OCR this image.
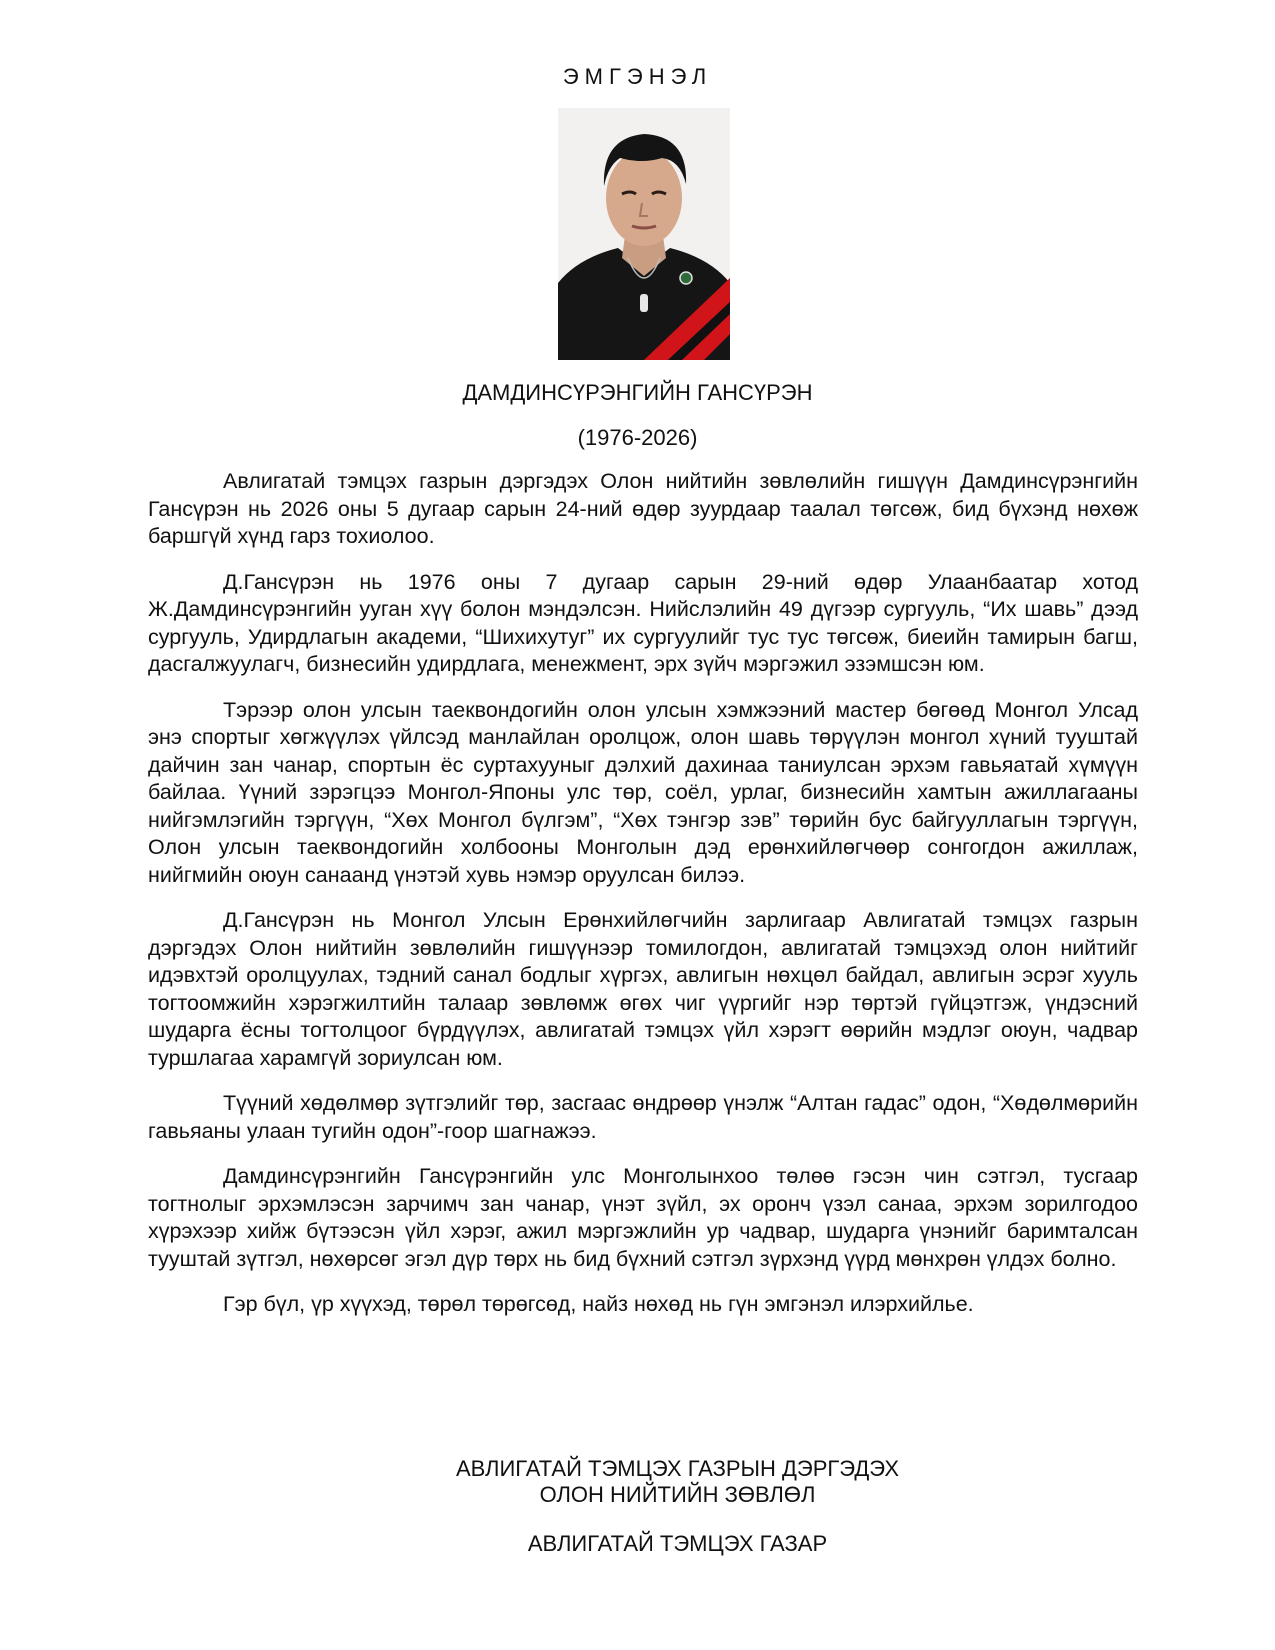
ЭМГЭНЭЛ
ДАМДИНСҮРЭНГИЙН ГАНСҮРЭН
(1976-2026)

Авлигатай тэмцэх газрын дэргэдэх Олон нийтийн зөвлөлийн гишүүн Дамдинсүрэнгийн Гансүрэн нь 2026 оны 5 дугаар сарын 24-ний өдөр зуурдаар таалал төгсөж, бид бүхэнд нөхөж баршгүй хүнд гарз тохиолоо.

Д.Гансүрэн нь 1976 оны 7 дугаар сарын 29-ний өдөр Улаанбаатар хотод Ж.Дамдинсүрэнгийн ууган хүү болон мэндэлсэн. Нийслэлийн 49 дүгээр сургууль, “Их шавь” дээд сургууль, Удирдлагын академи, “Шихихутуг” их сургуулийг тус тус төгсөж, биеийн тамирын багш, дасгалжуулагч, бизнесийн удирдлага, менежмент, эрх зүйч мэргэжил эзэмшсэн юм.

Тэрээр олон улсын таеквондогийн олон улсын хэмжээний мастер бөгөөд Монгол Улсад энэ спортыг хөгжүүлэх үйлсэд манлайлан оролцож, олон шавь төрүүлэн монгол хүний тууштай дайчин зан чанар, спортын ёс суртахууныг дэлхий дахинаа таниулсан эрхэм гавьяатай хүмүүн байлаа. Үүний зэрэгцээ Монгол-Японы улс төр, соёл, урлаг, бизнесийн хамтын ажиллагааны нийгэмлэгийн тэргүүн, “Хөх Монгол бүлгэм”, “Хөх тэнгэр зэв” төрийн бус байгууллагын тэргүүн, Олон улсын таеквондогийн холбооны Монголын дэд ерөнхийлөгчөөр сонгогдон ажиллаж, нийгмийн оюун санаанд үнэтэй хувь нэмэр оруулсан билээ.

Д.Гансүрэн нь Монгол Улсын Ерөнхийлөгчийн зарлигаар Авлигатай тэмцэх газрын дэргэдэх Олон нийтийн зөвлөлийн гишүүнээр томилогдон, авлигатай тэмцэхэд олон нийтийг идэвхтэй оролцуулах, тэдний санал бодлыг хүргэх, авлигын нөхцөл байдал, авлигын эсрэг хууль тогтоомжийн хэрэгжилтийн талаар зөвлөмж өгөх чиг үүргийг нэр төртэй гүйцэтгэж, үндэсний шударга ёсны тогтолцоог бүрдүүлэх, авлигатай тэмцэх үйл хэрэгт өөрийн мэдлэг оюун, чадвар туршлагаа харамгүй зориулсан юм.

Түүний хөдөлмөр зүтгэлийг төр, засгаас өндрөөр үнэлж “Алтан гадас” одон, “Хөдөлмөрийн гавьяаны улаан тугийн одон”-гоор шагнажээ.

Дамдинсүрэнгийн Гансүрэнгийн улс Монголынхоо төлөө гэсэн чин сэтгэл, тусгаар тогтнолыг эрхэмлэсэн зарчимч зан чанар, үнэт зүйл, эх оронч үзэл санаа, эрхэм зорилгодоо хүрэхээр хийж бүтээсэн үйл хэрэг, ажил мэргэжлийн ур чадвар, шударга үнэнийг баримталсан тууштай зүтгэл, нөхөрсөг эгэл дүр төрх нь бид бүхний сэтгэл зүрхэнд үүрд мөнхрөн үлдэх болно.

Гэр бүл, үр хүүхэд, төрөл төрөгсөд, найз нөхөд нь гүн эмгэнэл илэрхийлье.

АВЛИГАТАЙ ТЭМЦЭХ ГАЗРЫН ДЭРГЭДЭХ
ОЛОН НИЙТИЙН ЗӨВЛӨЛ
АВЛИГАТАЙ ТЭМЦЭХ ГАЗАР
